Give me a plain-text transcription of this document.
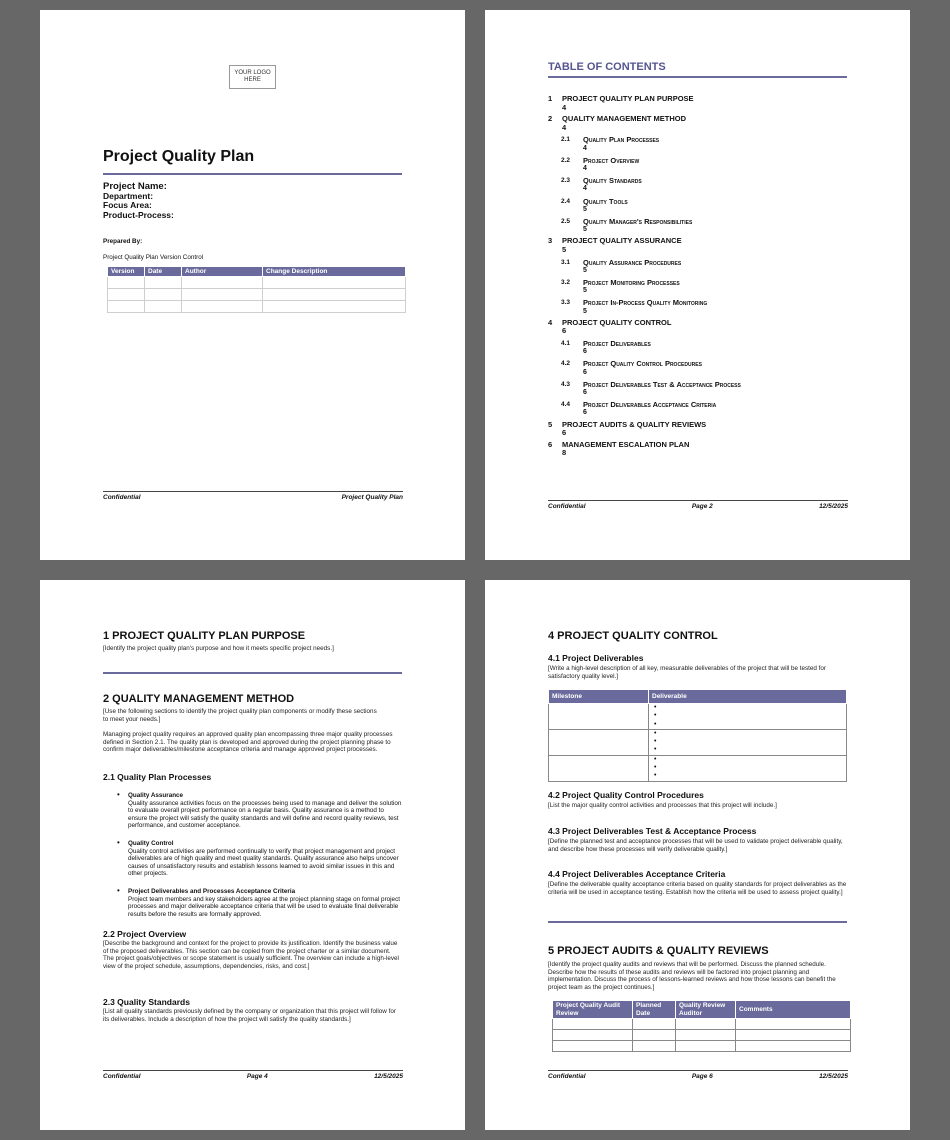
YOUR LOGO
HERE
Project Quality Plan
Project Name:
Department:
Focus Area:
Product-Process:
Prepared By:
Project Quality Plan Version Control
Version	Date	Author	Change Description

Confidential	Project Quality Plan
TABLE OF CONTENTS
1	PROJECT QUALITY PLAN PURPOSE
4
2	QUALITY MANAGEMENT METHOD
4
2.1	Quality Plan Processes
4
2.2	Project Overview
4
2.3	Quality Standards
4
2.4	Quality Tools
5
2.5	Quality Manager's Responsibilities
5
3	PROJECT QUALITY ASSURANCE
5
3.1	Quality Assurance Procedures
5
3.2	Project Monitoring Processes
5
3.3	Project In-Process Quality Monitoring
5
4	PROJECT QUALITY CONTROL
6
4.1	Project Deliverables
6
4.2	Project Quality Control Procedures
6
4.3	Project Deliverables Test & Acceptance Process
6
4.4	Project Deliverables Acceptance Criteria
6
5	PROJECT AUDITS & QUALITY REVIEWS
6
6	MANAGEMENT ESCALATION PLAN
8
Confidential	Page 2	12/5/2025
1 PROJECT QUALITY PLAN PURPOSE
[Identify the project quality plan's purpose and how it meets specific project needs.]
2 QUALITY MANAGEMENT METHOD
[Use the following sections to identify the project quality plan components or modify these sections to meet your needs.]
Managing project quality requires an approved quality plan encompassing three major quality processes defined in Section 2.1. The quality plan is developed and approved during the project planning phase to confirm major deliverables/milestone acceptance criteria and manage approved project processes.
2.1 Quality Plan Processes
• Quality Assurance
Quality assurance activities focus on the processes being used to manage and deliver the solution to evaluate overall project performance on a regular basis. Quality assurance is a method to ensure the project will satisfy the quality standards and will define and record quality reviews, test performance, and customer acceptance.
• Quality Control
Quality control activities are performed continually to verify that project management and project deliverables are of high quality and meet quality standards. Quality assurance also helps uncover causes of unsatisfactory results and establish lessons learned to avoid similar issues in this and other projects.
• Project Deliverables and Processes Acceptance Criteria
Project team members and key stakeholders agree at the project planning stage on formal project processes and major deliverable acceptance criteria that will be used to evaluate final deliverable results before the results are formally approved.
2.2 Project Overview
[Describe the background and context for the project to provide its justification. Identify the business value of the proposed deliverables. This section can be copied from the project charter or a similar document. The project goals/objectives or scope statement is usually sufficient. The overview can include a high-level view of the project schedule, assumptions, dependencies, risks, and cost.]
2.3 Quality Standards
[List all quality standards previously defined by the company or organization that this project will follow for its deliverables. Include a description of how the project will satisfy the quality standards.]
Confidential	Page 4	12/5/2025
4 PROJECT QUALITY CONTROL
4.1 Project Deliverables
[Write a high-level description of all key, measurable deliverables of the project that will be tested for satisfactory quality level.]
Milestone	Deliverable

	•
•
•

	•
•
•

	•
•
•
4.2 Project Quality Control Procedures
[List the major quality control activities and processes that this project will include.]
4.3 Project Deliverables Test & Acceptance Process
[Define the planned test and acceptance processes that will be used to validate project deliverable quality, and describe how these processes will verify deliverable quality.]
4.4 Project Deliverables Acceptance Criteria
[Define the deliverable quality acceptance criteria based on quality standards for project deliverables as the criteria will be used in acceptance testing. Establish how the criteria will be used to assess project quality.]
5 PROJECT AUDITS & QUALITY REVIEWS
[Identify the project quality audits and reviews that will be performed. Discuss the planned schedule. Describe how the results of these audits and reviews will be factored into project planning and implementation. Discuss the process of lessons-learned reviews and how those lessons can benefit the project team as the project continues.]
Project Quality Audit Review	Planned Date	Quality Review Auditor	Comments

Confidential	Page 6	12/5/2025
